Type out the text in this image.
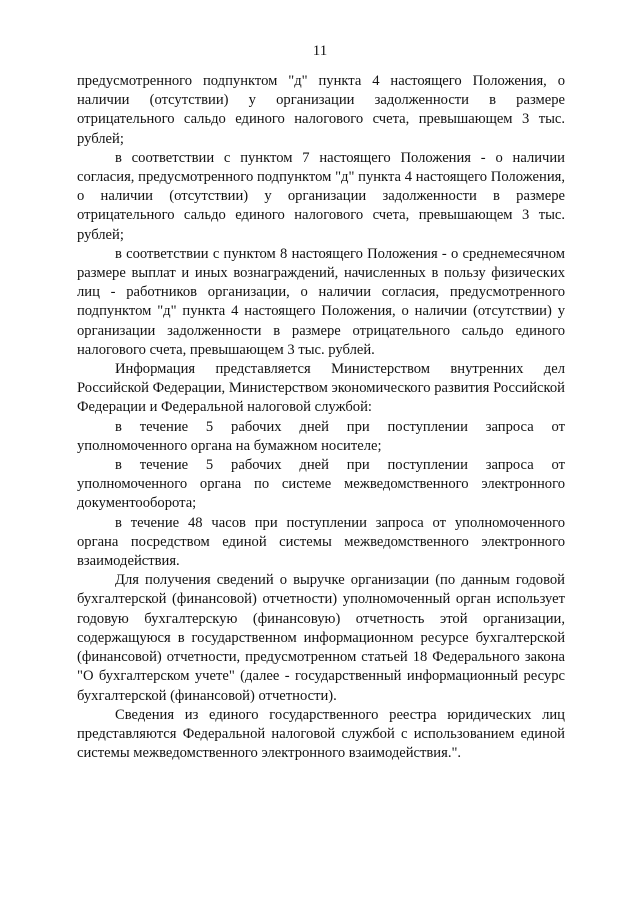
11

предусмотренного подпунктом "д" пункта 4 настоящего Положения, о наличии (отсутствии) у организации задолженности в размере отрицательного сальдо единого налогового счета, превышающем 3 тыс. рублей;

в соответствии с пунктом 7 настоящего Положения - о наличии согласия, предусмотренного подпунктом "д" пункта 4 настоящего Положения, о наличии (отсутствии) у организации задолженности в размере отрицательного сальдо единого налогового счета, превышающем 3 тыс. рублей;

в соответствии с пунктом 8 настоящего Положения - о среднемесячном размере выплат и иных вознаграждений, начисленных в пользу физических лиц - работников организации, о наличии согласия, предусмотренного подпунктом "д" пункта 4 настоящего Положения, о наличии (отсутствии) у организации задолженности в размере отрицательного сальдо единого налогового счета, превышающем 3 тыс. рублей.

Информация представляется Министерством внутренних дел Российской Федерации, Министерством экономического развития Российской Федерации и Федеральной налоговой службой:

в течение 5 рабочих дней при поступлении запроса от уполномоченного органа на бумажном носителе;

в течение 5 рабочих дней при поступлении запроса от уполномоченного органа по системе межведомственного электронного документооборота;

в течение 48 часов при поступлении запроса от уполномоченного органа посредством единой системы межведомственного электронного взаимодействия.

Для получения сведений о выручке организации (по данным годовой бухгалтерской (финансовой) отчетности) уполномоченный орган использует годовую бухгалтерскую (финансовую) отчетность этой организации, содержащуюся в государственном информационном ресурсе бухгалтерской (финансовой) отчетности, предусмотренном статьей 18 Федерального закона "О бухгалтерском учете" (далее - государственный информационный ресурс бухгалтерской (финансовой) отчетности).

Сведения из единого государственного реестра юридических лиц представляются Федеральной налоговой службой с использованием единой системы межведомственного электронного взаимодействия.".
